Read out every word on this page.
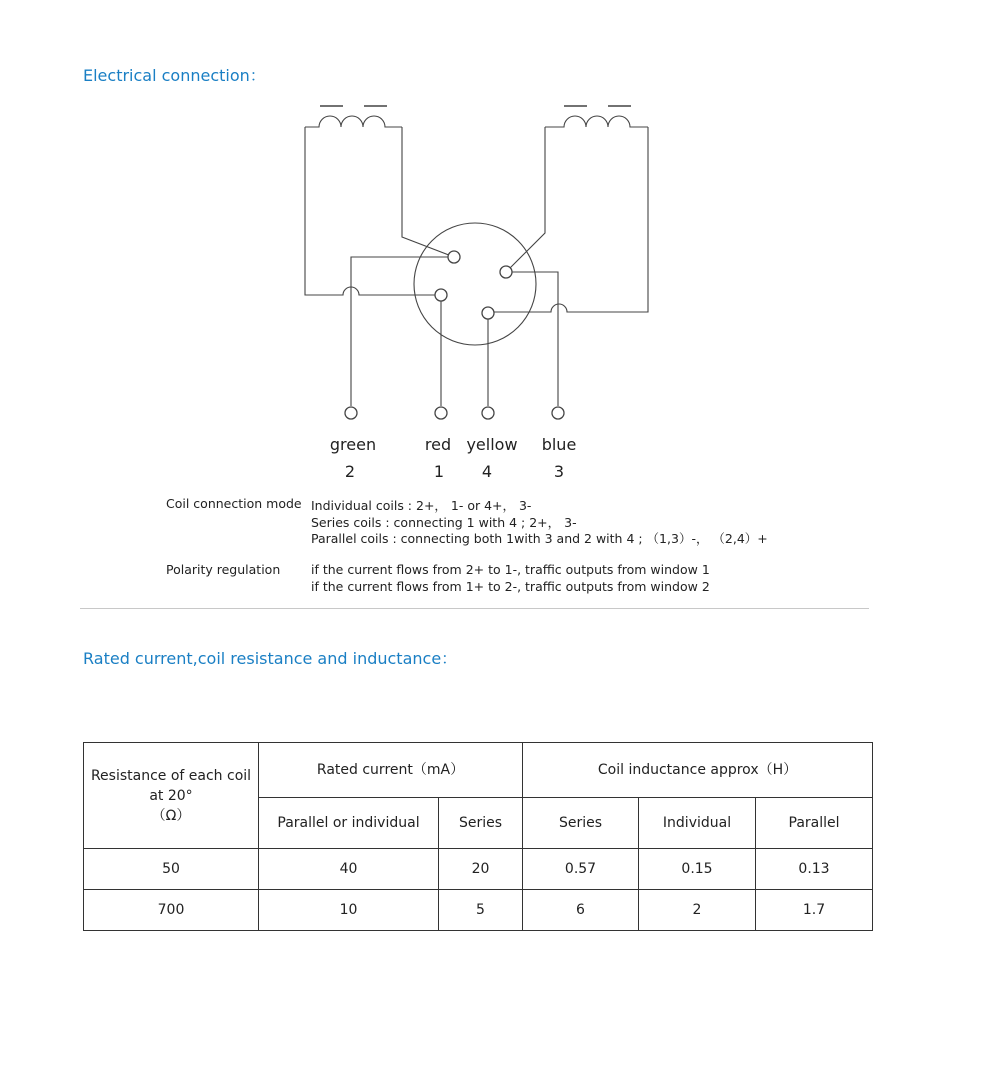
Electrical connection：
green
2
red
1
yellow
4
blue
3
Coil connection mode Individual coils : 2+， 1- or 4+， 3-
Series coils : connecting 1 with 4 ; 2+， 3-
Parallel coils : connecting both 1with 3 and 2 with 4 ; （1,3）-， （2,4）+
Polarity regulation if the current flows from 2+ to 1-, traffic outputs from window 1
if the current flows from 1+ to 2-, traffic outputs from window 2
Rated current,coil resistance and inductance：
Resistance of each coil
at 20°
（Ω）	Rated current（mA）		Coil inductance approx（H）		
	Parallel or individual	Series	Series	Individual	Parallel
50	40	20	0.57	0.15	0.13
700	10	5	6	2	1.7
